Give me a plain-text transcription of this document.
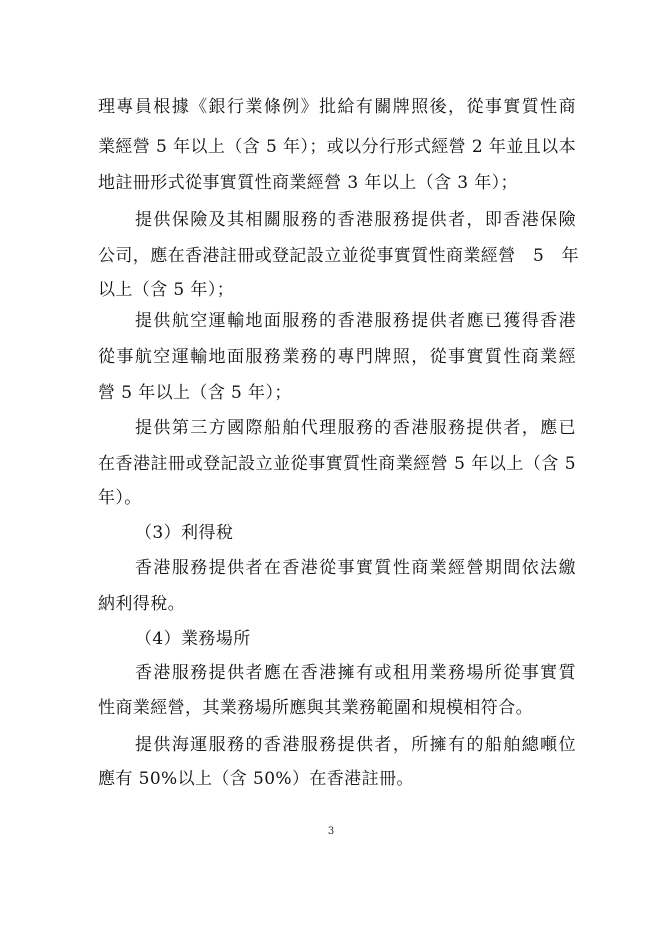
理專員根據《銀行業條例》批給有關牌照後，從事實質性商
業經營 5 年以上（含 5 年）；或以分行形式經營 2 年並且以本
地註冊形式從事實質性商業經營 3 年以上（含 3 年）；
提供保險及其相關服務的香港服務提供者，即香港保險
公司，應在香港註冊或登記設立並從事實質性商業經營　5　年
以上（含 5 年）；
提供航空運輸地面服務的香港服務提供者應已獲得香港
從事航空運輸地面服務業務的專門牌照，從事實質性商業經
營 5 年以上（含 5 年）；
提供第三方國際船舶代理服務的香港服務提供者，應已
在香港註冊或登記設立並從事實質性商業經營 5 年以上（含 5
年）。
（3）利得稅
香港服務提供者在香港從事實質性商業經營期間依法繳
納利得稅。
（4）業務場所
香港服務提供者應在香港擁有或租用業務場所從事實質
性商業經營，其業務場所應與其業務範圍和規模相符合。
提供海運服務的香港服務提供者，所擁有的船舶總噸位
應有 50%以上（含 50%）在香港註冊。
3
